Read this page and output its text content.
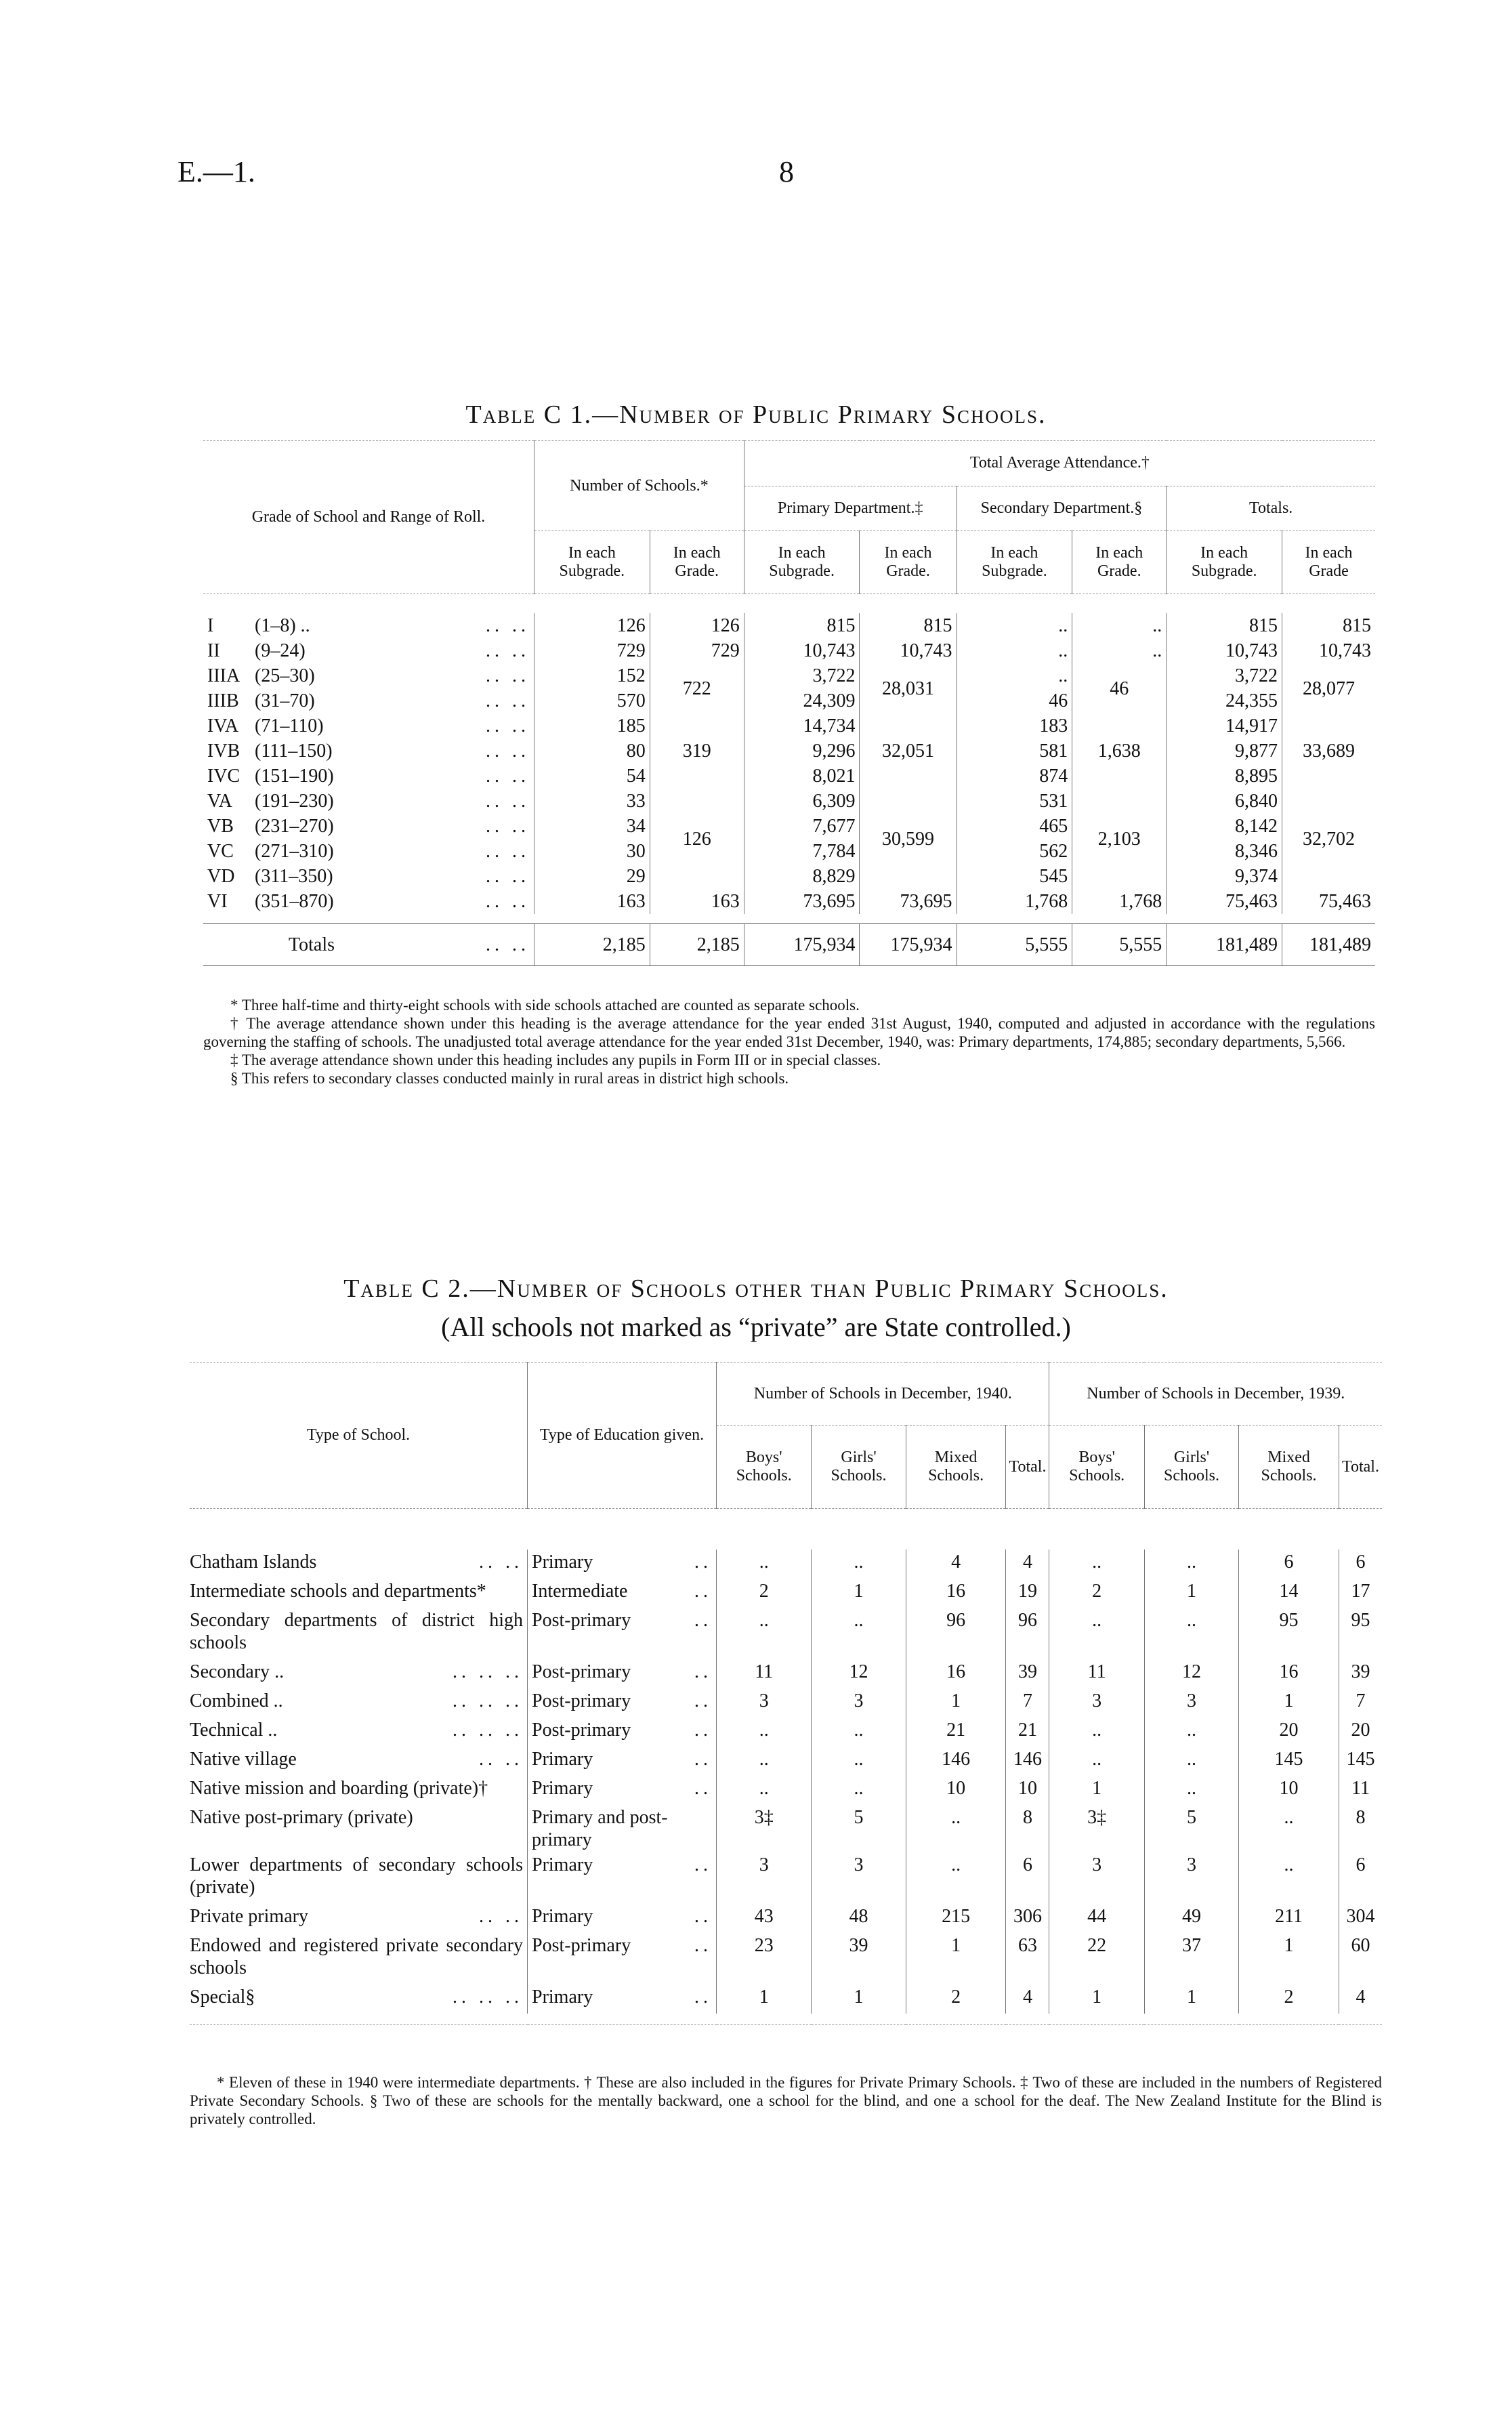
E.—1.	8
Table C 1.—Number of Public Primary Schools.
Grade of School and Range of Roll.	Number of Schools.*		Total Average Attendance.†					
			Primary Department.‡		Secondary Department.§		Totals.	
	In each Subgrade.	In each Grade.	In each Subgrade.	In each Grade.	In each Subgrade.	In each Grade.	In each Subgrade.	In each Grade

I (1–8) .. .. ..	126	126	815	815	..	..	815	815
II (9–24) .. ..	729	729	10,743	10,743	..	..	10,743	10,743
IIIA (25–30) .. ..	152	722	3,722	28,031	..	46	3,722	28,077
IIIB (31–70) .. ..	570		24,309		46		24,355	
IVA (71–110) .. ..	185	319	14,734	32,051	183	1,638	14,917	33,689
IVB (111–150) .. ..	80		9,296		581		9,877	
IVC (151–190) .. ..	54		8,021		874		8,895	
VA (191–230) .. ..	33	126	6,309	30,599	531	2,103	6,840	32,702
VB (231–270) .. ..	34		7,677		465		8,142	
VC (271–310) .. ..	30		7,784		562		8,346	
VD (311–350) .. ..	29		8,829		545		9,374	
VI (351–870) .. ..	163	163	73,695	73,695	1,768	1,768	75,463	75,463

Totals .. ..	2,185	2,185	175,934	175,934	5,555	5,555	181,489	181,489
* Three half-time and thirty-eight schools with side schools attached are counted as separate schools.
† The average attendance shown under this heading is the average attendance for the year ended 31st August, 1940, computed and adjusted in accordance with the regulations governing the staffing of schools. The unadjusted total average attendance for the year ended 31st December, 1940, was: Primary departments, 174,885; secondary departments, 5,566.
‡ The average attendance shown under this heading includes any pupils in Form III or in special classes.
§ This refers to secondary classes conducted mainly in rural areas in district high schools.
Table C 2.—Number of Schools other than Public Primary Schools.
(All schools not marked as “private” are State controlled.)
Type of School.	Type of Education given.	Number of Schools in December, 1940.				Number of Schools in December, 1939.			
		Boys' Schools.	Girls' Schools.	Mixed Schools.	Total.	Boys' Schools.	Girls' Schools.	Mixed Schools.	Total.

Chatham Islands .. ..	Primary ..	..	..	4	4	..	..	6	6
Intermediate schools and departments*	Intermediate ..	2	1	16	19	2	1	14	17
Secondary departments of district high schools	Post-primary ..	..	..	96	96	..	..	95	95
Secondary .. .. .. ..	Post-primary ..	11	12	16	39	11	12	16	39
Combined .. .. .. ..	Post-primary ..	3	3	1	7	3	3	1	7
Technical .. .. .. ..	Post-primary ..	..	..	21	21	..	..	20	20
Native village .. ..	Primary ..	..	..	146	146	..	..	145	145
Native mission and boarding (private)†	Primary ..	..	..	10	10	1	..	10	11
Native post-primary (private)	Primary and post-primary	3‡	5	..	8	3‡	5	..	8
Lower departments of secondary schools (private)	Primary ..	3	3	..	6	3	3	..	6
Private primary .. ..	Primary ..	43	48	215	306	44	49	211	304
Endowed and registered private secondary schools	Post-primary ..	23	39	1	63	22	37	1	60
Special§ .. .. ..	Primary ..	1	1	2	4	1	1	2	4

* Eleven of these in 1940 were intermediate departments. † These are also included in the figures for Private Primary Schools. ‡ Two of these are included in the numbers of Registered Private Secondary Schools. § Two of these are schools for the mentally backward, one a school for the blind, and one a school for the deaf. The New Zealand Institute for the Blind is privately controlled.
